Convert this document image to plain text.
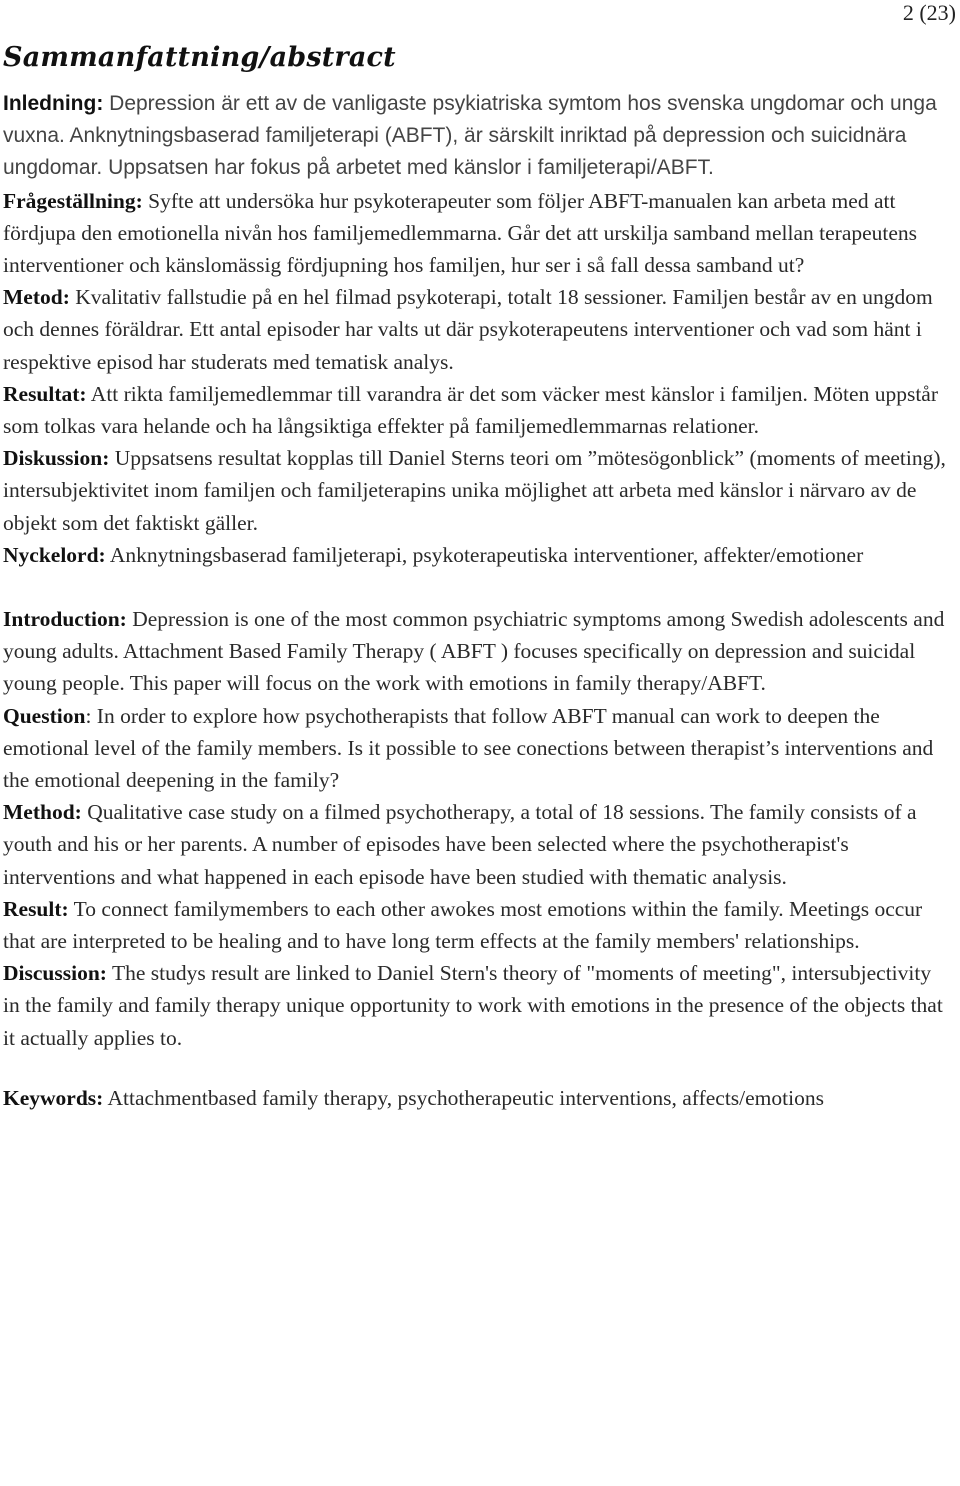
2 (23)
Sammanfattning/abstract

Inledning: Depression är ett av de vanligaste psykiatriska symtom hos svenska ungdomar och unga vuxna. Anknytningsbaserad familjeterapi (ABFT), är särskilt inriktad på depression och suicidnära ungdomar. Uppsatsen har fokus på arbetet med känslor i familjeterapi/ABFT.

Frågeställning: Syfte att undersöka hur psykoterapeuter som följer ABFT-manualen kan arbeta med att fördjupa den emotionella nivån hos familjemedlemmarna. Går det att urskilja samband mellan terapeutens interventioner och känslomässig fördjupning hos familjen, hur ser i så fall dessa samband ut?

Metod: Kvalitativ fallstudie på en hel filmad psykoterapi, totalt 18 sessioner. Familjen består av en ungdom och dennes föräldrar. Ett antal episoder har valts ut där psykoterapeutens interventioner och vad som hänt i respektive episod har studerats med tematisk analys.

Resultat: Att rikta familjemedlemmar till varandra är det som väcker mest känslor i familjen. Möten uppstår som tolkas vara helande och ha långsiktiga effekter på familjemedlemmarnas relationer.

Diskussion: Uppsatsens resultat kopplas till Daniel Sterns teori om ”mötesögonblick” (moments of meeting), intersubjektivitet inom familjen och familjeterapins unika möjlighet att arbeta med känslor i närvaro av de objekt som det faktiskt gäller.

Nyckelord: Anknytningsbaserad familjeterapi, psykoterapeutiska interventioner, affekter/emotioner

Introduction: Depression is one of the most common psychiatric symptoms among Swedish adolescents and young adults. Attachment Based Family Therapy ( ABFT ) focuses specifically on depression and suicidal young people. This paper will focus on the work with emotions in family therapy/ABFT.

Question: In order to explore how psychotherapists that follow ABFT manual can work to deepen the emotional level of the family members. Is it possible to see conections between therapist’s interventions and the emotional deepening in the family?

Method: Qualitative case study on a filmed psychotherapy, a total of 18 sessions. The family consists of a youth and his or her parents. A number of episodes have been selected where the psychotherapist's interventions and what happened in each episode have been studied with thematic analysis.

Result: To connect familymembers to each other awokes most emotions within the family. Meetings occur that are interpreted to be healing and to have long term effects at the family members' relationships.

Discussion: The studys result are linked to Daniel Stern's theory of "moments of meeting", intersubjectivity in the family and family therapy unique opportunity to work with emotions in the presence of the objects that it actually applies to.

Keywords: Attachmentbased family therapy, psychotherapeutic interventions, affects/emotions
